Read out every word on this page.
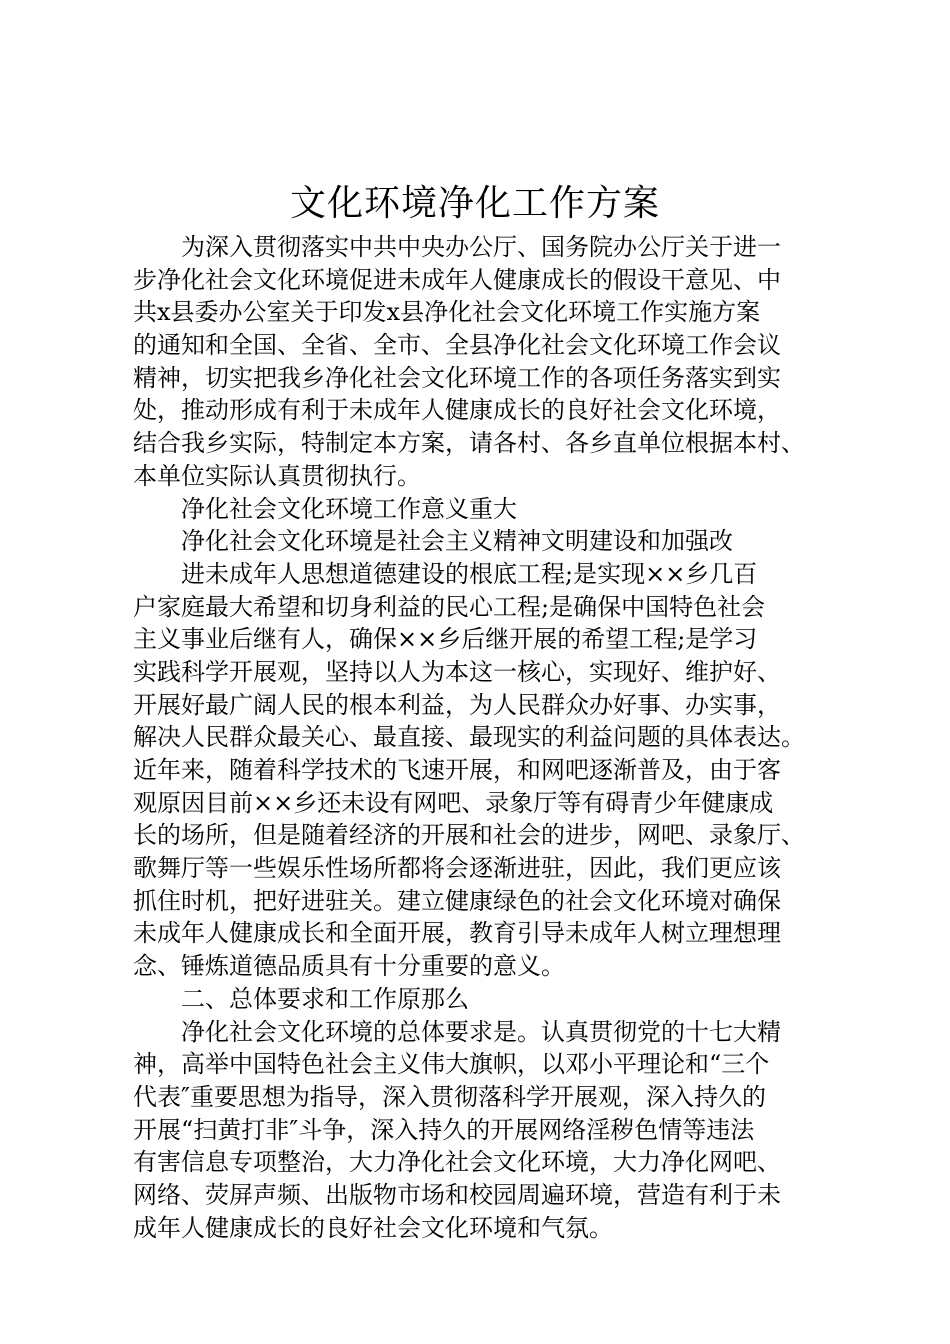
文化环境净化工作方案
为深入贯彻落实中共中央办公厅、国务院办公厅关于进一
步净化社会文化环境促进未成年人健康成长的假设干意见、中
共x县委办公室关于印发x县净化社会文化环境工作实施方案
的通知和全国、全省、全市、全县净化社会文化环境工作会议
精神，切实把我乡净化社会文化环境工作的各项任务落实到实
处，推动形成有利于未成年人健康成长的良好社会文化环境，
结合我乡实际，特制定本方案，请各村、各乡直单位根据本村、
本单位实际认真贯彻执行。
净化社会文化环境工作意义重大
净化社会文化环境是社会主义精神文明建设和加强改
进未成年人思想道德建设的根底工程;是实现××乡几百
户家庭最大希望和切身利益的民心工程;是确保中国特色社会
主义事业后继有人，确保××乡后继开展的希望工程;是学习
实践科学开展观，坚持以人为本这一核心，实现好、维护好、
开展好最广阔人民的根本利益，为人民群众办好事、办实事，
解决人民群众最关心、最直接、最现实的利益问题的具体表达。
近年来，随着科学技术的飞速开展，和网吧逐渐普及，由于客
观原因目前××乡还未设有网吧、录象厅等有碍青少年健康成
长的场所，但是随着经济的开展和社会的进步，网吧、录象厅、
歌舞厅等一些娱乐性场所都将会逐渐进驻，因此，我们更应该
抓住时机，把好进驻关。建立健康绿色的社会文化环境对确保
未成年人健康成长和全面开展，教育引导未成年人树立理想理
念、锤炼道德品质具有十分重要的意义。
二、总体要求和工作原那么
净化社会文化环境的总体要求是。认真贯彻党的十七大精
神，高举中国特色社会主义伟大旗帜，以邓小平理论和“三个
代表″重要思想为指导，深入贯彻落科学开展观，深入持久的
开展“扫黄打非″斗争，深入持久的开展网络淫秽色情等违法
有害信息专项整治，大力净化社会文化环境，大力净化网吧、
网络、荧屏声频、出版物市场和校园周遍环境，营造有利于未
成年人健康成长的良好社会文化环境和气氛。
